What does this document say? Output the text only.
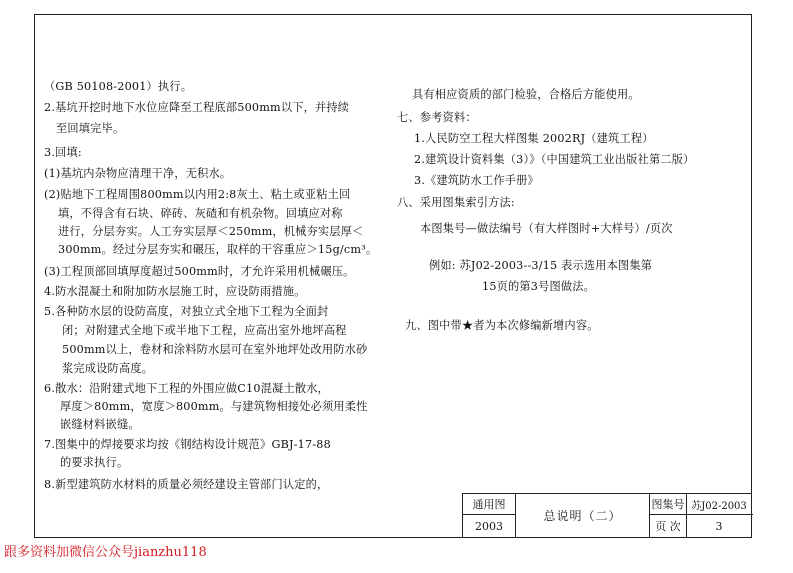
（GB 50108-2001）执行。
2.基坑开挖时地下水位应降至工程底部500mm以下，并持续
至回填完毕。
3.回填:
(1)基坑内杂物应清理干净，无积水。
(2)贴地下工程周围800mm以内用2:8灰土、粘土或亚粘土回
填，不得含有石块、碎砖、灰碴和有机杂物。回填应对称
进行，分层夯实。人工夯实层厚＜250mm，机械夯实层厚＜
300mm。经过分层夯实和碾压，取样的干容重应＞15g/cm³。
(3)工程顶部回填厚度超过500mm时，才允许采用机械碾压。
4.防水混凝土和附加防水层施工时，应设防雨措施。
5.各种防水层的设防高度，对独立式全地下工程为全面封
闭；对附建式全地下或半地下工程，应高出室外地坪高程
500mm以上，卷材和涂料防水层可在室外地坪处改用防水砂
浆完成设防高度。
6.散水：沿附建式地下工程的外围应做C10混凝土散水，
厚度＞80mm，宽度＞800mm。与建筑物相接处必须用柔性
嵌缝材料嵌缝。
7.图集中的焊接要求均按《钢结构设计规范》GBJ-17-88
的要求执行。
8.新型建筑防水材料的质量必须经建设主管部门认定的，
具有相应资质的部门检验，合格后方能使用。
七、参考资料：
1.人民防空工程大样图集 2002RJ（建筑工程）
2.建筑设计资料集（3）》（中国建筑工业出版社第二版）
3.《建筑防水工作手册》
八、采用图集索引方法:
本图集号—做法编号（有大样图时+大样号）/页次
例如: 苏J02-2003--3/15 表示选用本图集第
15页的第3号图做法。
九、图中带★者为本次修编新增内容。
通用图
2003
总说明（二）
图集号 苏J02-2003
页 次	3
跟多资料加微信公众号jianzhu118
